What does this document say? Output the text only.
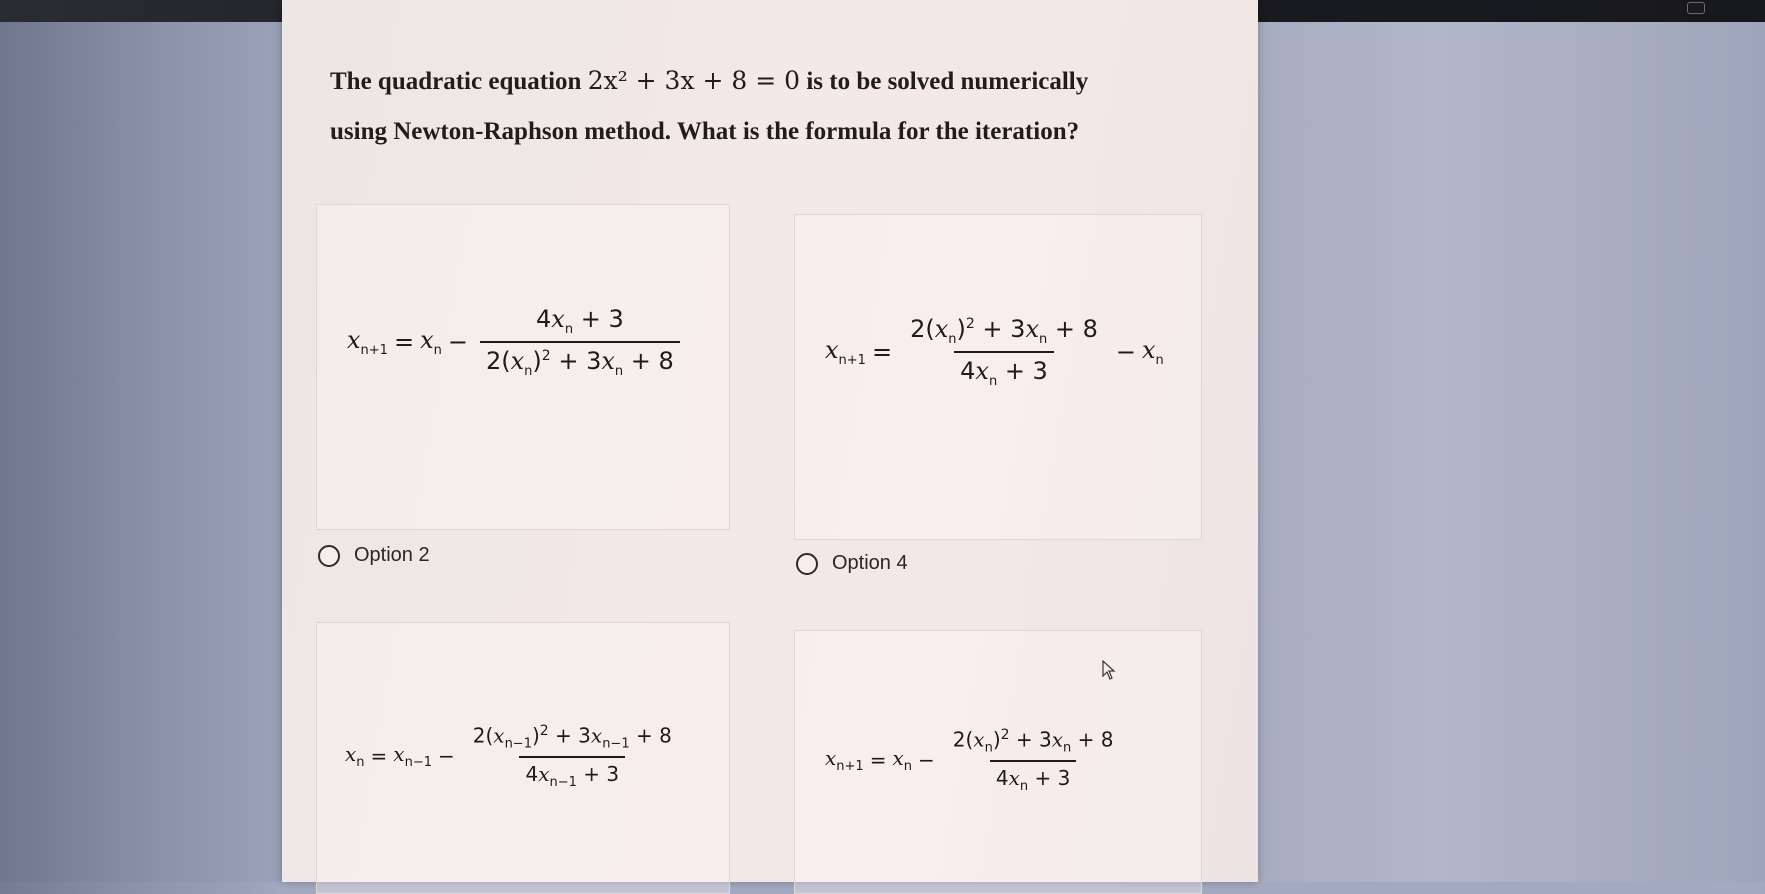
The quadratic equation 2x² + 3x + 8 = 0 is to be solved numerically
using Newton-Raphson method. What is the formula for the iteration?
$x_{n+1} = x_n - \frac{4x_n + 3}{2(x_n)^2 + 3x_n + 8}$
Option 2
$x_{n+1} = \frac{2(x_n)^2 + 3x_n + 8}{4x_n + 3} - x_n$
Option 4
$x_n = x_{n-1} - \frac{2(x_{n-1})^2 + 3x_{n-1} + 8}{4x_{n-1} + 3}$	$x_{n+1} = x_n - \frac{2(x_n)^2 + 3x_n + 8}{4x_n + 3}$
